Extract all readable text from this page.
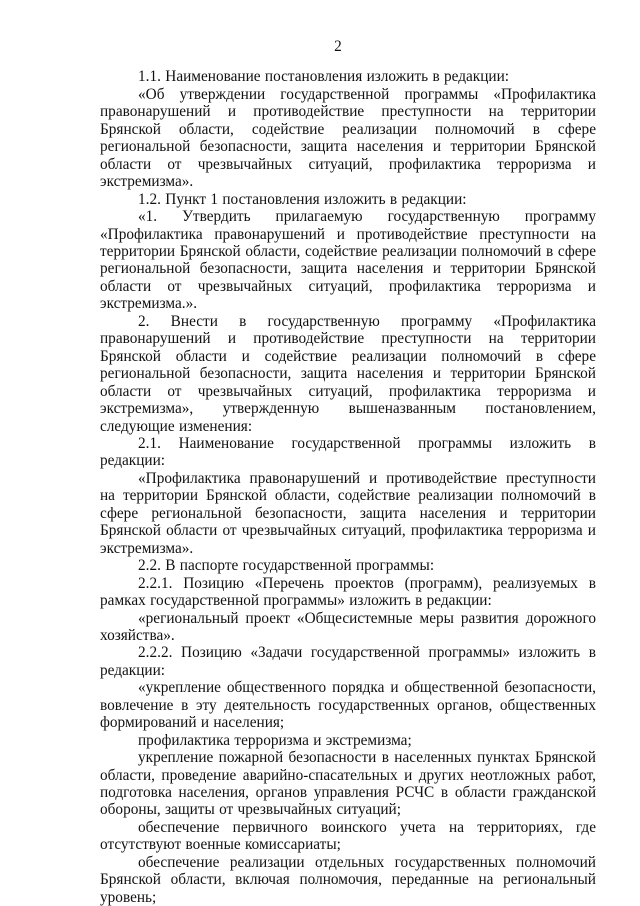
2

1.1. Наименование постановления изложить в редакции:

«Об утверждении государственной программы «Профилактика правонарушений и противодействие преступности на территории Брянской области, содействие реализации полномочий в сфере региональной безопасности, защита населения и территории Брянской области от чрезвычайных ситуаций, профилактика терроризма и экстремизма».

1.2. Пункт 1 постановления изложить в редакции:

«1. Утвердить прилагаемую государственную программу «Профилактика правонарушений и противодействие преступности на территории Брянской области, содействие реализации полномочий в сфере региональной безопасности, защита населения и территории Брянской области от чрезвычайных ситуаций, профилактика терроризма и экстремизма.».

2. Внести в государственную программу «Профилактика правонарушений и противодействие преступности на территории Брянской области и содействие реализации полномочий в сфере региональной безопасности, защита населения и территории Брянской области от чрезвычайных ситуаций, профилактика терроризма и экстремизма», утвержденную вышеназванным постановлением, следующие изменения:

2.1. Наименование государственной программы изложить в редакции:

«Профилактика правонарушений и противодействие преступности на территории Брянской области, содействие реализации полномочий в сфере региональной безопасности, защита населения и территории Брянской области от чрезвычайных ситуаций, профилактика терроризма и экстремизма».

2.2. В паспорте государственной программы:

2.2.1. Позицию «Перечень проектов (программ), реализуемых в рамках государственной программы» изложить в редакции:

«региональный проект «Общесистемные меры развития дорожного хозяйства».

2.2.2. Позицию «Задачи государственной программы» изложить в редакции:

«укрепление общественного порядка и общественной безопасности, вовлечение в эту деятельность государственных органов, общественных формирований и населения;

профилактика терроризма и экстремизма;

укрепление пожарной безопасности в населенных пунктах Брянской области, проведение аварийно-спасательных и других неотложных работ, подготовка населения, органов управления РСЧС в области гражданской обороны, защиты от чрезвычайных ситуаций;

обеспечение первичного воинского учета на территориях, где отсутствуют военные комиссариаты;

обеспечение реализации отдельных государственных полномочий Брянской области, включая полномочия, переданные на региональный уровень;
